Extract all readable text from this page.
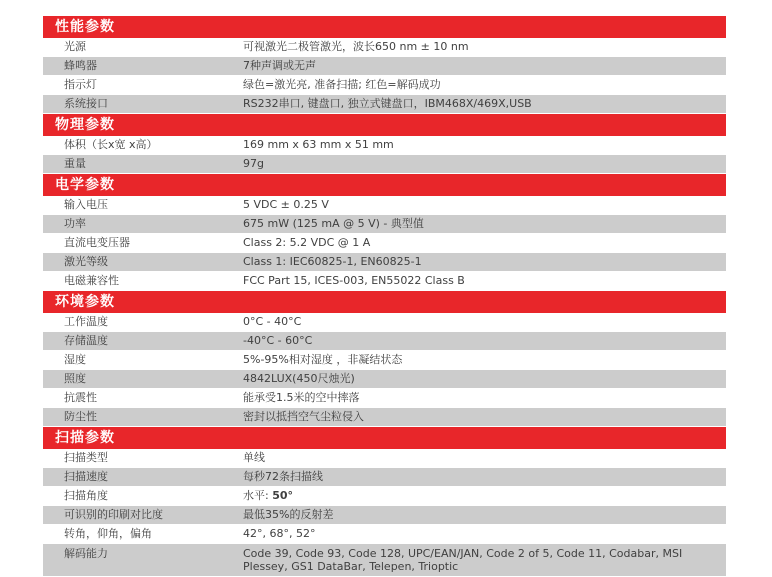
性能参数
光源	可视激光二极管激光，波长650 nm ± 10 nm
蜂鸣器	7种声调或无声
指示灯	绿色=激光亮, 准备扫描; 红色=解码成功
系统接口	RS232串口, 键盘口, 独立式键盘口，IBM468X/469X,USB
物理参数
体积（长x宽 x高）	169 mm x 63 mm x 51 mm
重量	97g
电学参数
输入电压	5 VDC ± 0.25 V
功率	675 mW (125 mA @ 5 V) - 典型值
直流电变压器	Class 2: 5.2 VDC @ 1 A
激光等级	Class 1: IEC60825-1, EN60825-1
电磁兼容性	FCC Part 15, ICES-003, EN55022 Class B
环境参数
工作温度	0°C - 40°C
存储温度	-40°C - 60°C
湿度	5%-95%相对湿度 ，非凝结状态
照度	4842LUX(450尺烛光)
抗震性	能承受1.5米的空中摔落
防尘性	密封以抵挡空气尘粒侵入
扫描参数
扫描类型	单线
扫描速度	每秒72条扫描线
扫描角度	水平: 50°
可识别的印刷对比度	最低35%的反射差
转角，仰角，偏角	42°, 68°, 52°
解码能力	Code 39, Code 93, Code 128, UPC/EAN/JAN, Code 2 of 5, Code 11, Codabar, MSI Plessey, GS1 DataBar, Telepen, Trioptic
